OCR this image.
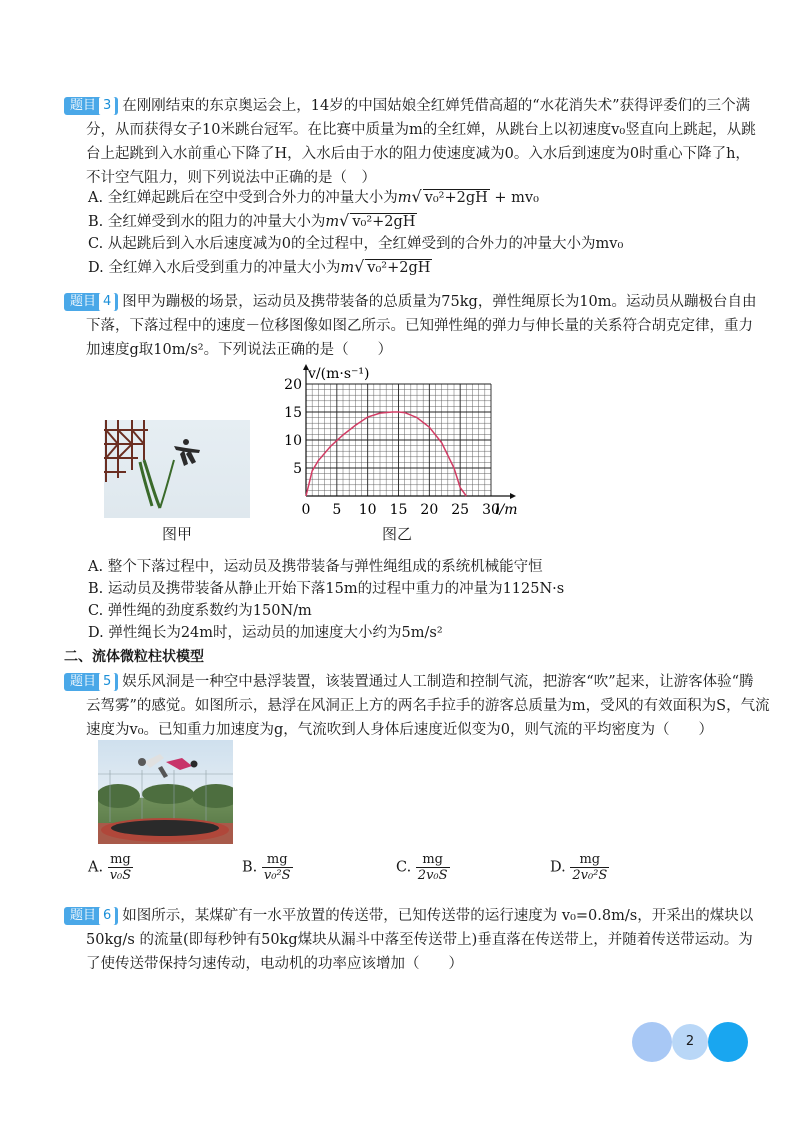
题目 3 在刚刚结束的东京奥运会上，14岁的中国姑娘全红婵凭借高超的“水花消失术”获得评委们的三个满
分，从而获得女子10米跳台冠军。在比赛中质量为m的全红婵，从跳台上以初速度v₀竖直向上跳起，从跳
台上起跳到入水前重心下降了H，入水后由于水的阻力使速度减为0。入水后到速度为0时重心下降了h，
不计空气阻力，则下列说法中正确的是（　）
A. 全红婵起跳后在空中受到合外力的冲量大小为m√ v₀²+2gH + mv₀
B. 全红婵受到水的阻力的冲量大小为m√ v₀²+2gH
C. 从起跳后到入水后速度减为0的全过程中，全红婵受到的合外力的冲量大小为mv₀
D. 全红婵入水后受到重力的冲量大小为m√ v₀²+2gH
题目 4 图甲为蹦极的场景，运动员及携带装备的总质量为75kg，弹性绳原长为10m。运动员从蹦极台自由
下落，下落过程中的速度－位移图像如图乙所示。已知弹性绳的弹力与伸长量的关系符合胡克定律，重力
加速度g取10m/s²。下列说法正确的是（　　）
图甲
0 5 10 15 20 25 30
5
10
15
20
v/(m·s⁻¹)
l/m
图乙
A. 整个下落过程中，运动员及携带装备与弹性绳组成的系统机械能守恒
B. 运动员及携带装备从静止开始下落15m的过程中重力的冲量为1125N·s
C. 弹性绳的劲度系数约为150N/m
D. 弹性绳长为24m时，运动员的加速度大小约为5m/s²
二、流体微粒柱状模型
题目 5 娱乐风洞是一种空中悬浮装置，该装置通过人工制造和控制气流，把游客“吹”起来，让游客体验“腾
云驾雾”的感觉。如图所示，悬浮在风洞正上方的两名手拉手的游客总质量为m，受风的有效面积为S，气流
速度为v₀。已知重力加速度为g，气流吹到人身体后速度近似变为0，则气流的平均密度为（　　）
A. $\frac{mg}{\text{v₀S}}$	B. $\frac{mg}{\text{v₀²S}}$	C. $\frac{mg}{\text{2v₀S}}$	D. $\frac{mg}{\text{2v₀²S}}$
题目 6 如图所示，某煤矿有一水平放置的传送带，已知传送带的运行速度为 v₀=0.8m/s，开采出的煤块以
50kg/s 的流量(即每秒钟有50kg煤块从漏斗中落至传送带上)垂直落在传送带上，并随着传送带运动。为
了使传送带保持匀速传动，电动机的功率应该增加（　　）
2
